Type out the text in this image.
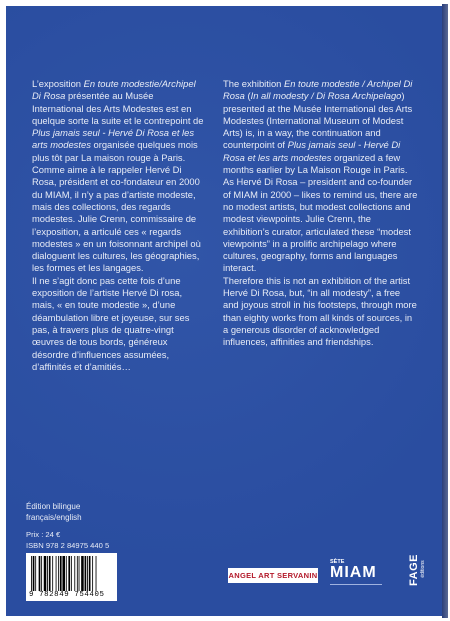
L’exposition En toute modestie/Archipel Di Rosa présentée au Musée International des Arts Modestes est en quelque sorte la suite et le contrepoint de Plus jamais seul - Hervé Di Rosa et les arts modestes organisée quelques mois plus tôt par La maison rouge à Paris.

Comme aime à le rappeler Hervé Di Rosa, président et co-fondateur en 2000 du MIAM, il n’y a pas d’artiste modeste, mais des collections, des regards modestes. Julie Crenn, commissaire de l’exposition, a articulé ces « regards modestes » en un foisonnant archipel où dialoguent les cultures, les géographies, les formes et les langages.

Il ne s’agit donc pas cette fois d’une exposition de l’artiste Hervé Di rosa, mais, « en toute modestie », d’une déambulation libre et joyeuse, sur ses pas, à travers plus de quatre-vingt œuvres de tous bords, généreux désordre d’influences assumées, d’affinités et d’amitiés…

The exhibition En toute modestie / Archipel Di Rosa (In all modesty / Di Rosa Archipelago) presented at the Musée International des Arts Modestes (International Museum of Modest Arts) is, in a way, the continuation and counterpoint of Plus jamais seul - Hervé Di Rosa et les arts modestes organized a few months earlier by La Maison Rouge in Paris.

As Hervé Di Rosa – president and co-founder of MIAM in 2000 – likes to remind us, there are no modest artists, but modest collections and modest viewpoints. Julie Crenn, the exhibition’s curator, articulated these “modest viewpoints” in a prolific archipelago where cultures, geography, forms and languages interact.

Therefore this is not an exhibition of the artist Hervé Di Rosa, but, “in all modesty”, a free and joyous stroll in his footsteps, through more than eighty works from all kinds of sources, in a generous disorder of acknowledged influences, affinities and friendships.

Édition bilingue
français/english
Prix : 24 €
ISBN 978 2 84975 440 5
9 782849 754405
ANGEL ART SERVANIN
SÈTE
MIAM	FAGE éditions
